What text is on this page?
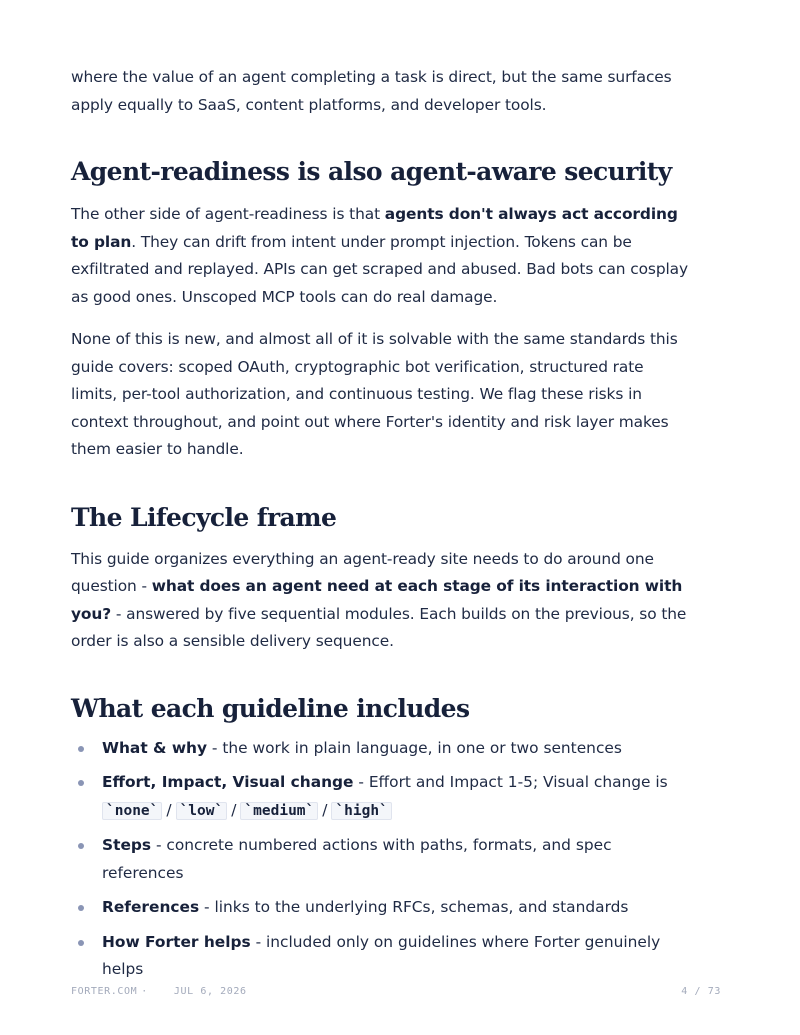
where the value of an agent completing a task is direct, but the same surfaces apply equally to SaaS, content platforms, and developer tools.

Agent-readiness is also agent-aware security

The other side of agent-readiness is that agents don't always act according to plan. They can drift from intent under prompt injection. Tokens can be exfiltrated and replayed. APIs can get scraped and abused. Bad bots can cosplay as good ones. Unscoped MCP tools can do real damage.

None of this is new, and almost all of it is solvable with the same standards this guide covers: scoped OAuth, cryptographic bot verification, structured rate limits, per-tool authorization, and continuous testing. We flag these risks in context throughout, and point out where Forter's identity and risk layer makes them easier to handle.

The Lifecycle frame

This guide organizes everything an agent-ready site needs to do around one question - what does an agent need at each stage of its interaction with you? - answered by five sequential modules. Each builds on the previous, so the order is also a sensible delivery sequence.

What each guideline includes
What & why - the work in plain language, in one or two sentences
Effort, Impact, Visual change - Effort and Impact 1-5; Visual change is
`none` / `low` / `medium` / `high`
Steps - concrete numbered actions with paths, formats, and spec references
References - links to the underlying RFCs, schemas, and standards
How Forter helps - included only on guidelines where Forter genuinely helps
FORTER.COM ·	JUL 6, 2026	4 / 73
